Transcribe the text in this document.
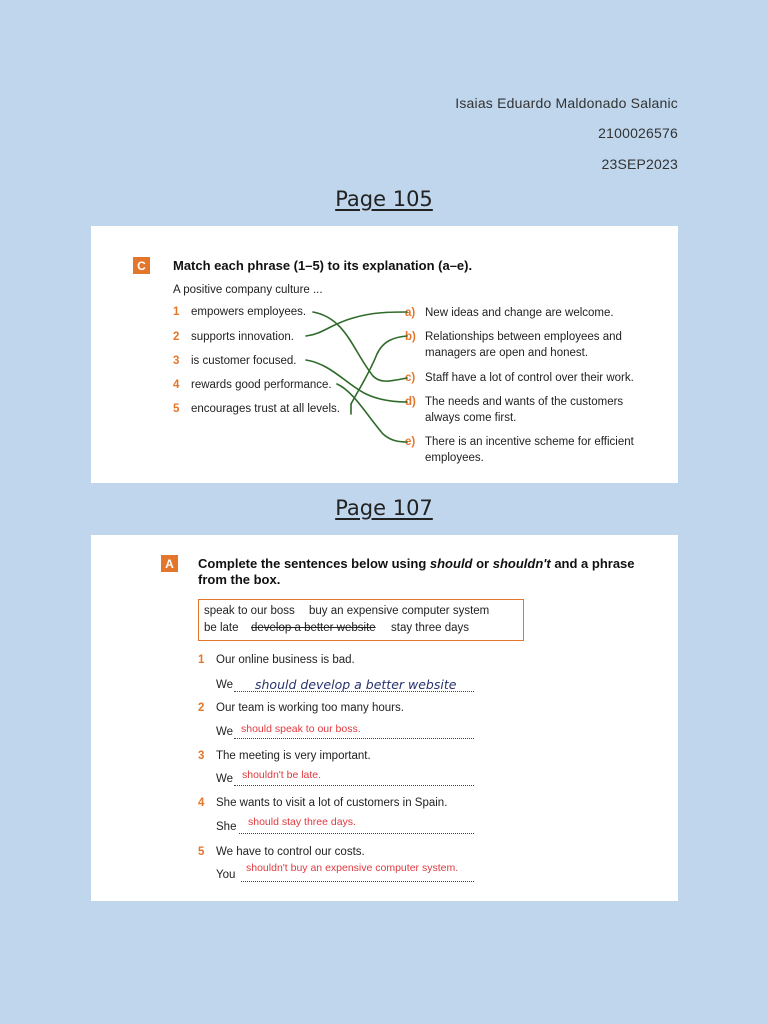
Isaias Eduardo Maldonado Salanic
2100026576
23SEP2023
Page 105
C	Match each phrase (1–5) to its explanation (a–e).
A positive company culture ...
1 empowers employees.
2 supports innovation.
3 is customer focused.
4 rewards good performance.
5 encourages trust at all levels.
a) New ideas and change are welcome.
b) Relationships between employees and
managers are open and honest.
c) Staff have a lot of control over their work.
d) The needs and wants of the customers
always come first.
e) There is an incentive scheme for efficient
employees.
Page 107
A	Complete the sentences below using should or shouldn't and a phrase
from the box.
speak to our boss buy an expensive computer system
be late develop a better website stay three days
1 Our online business is bad.
We should develop a better website
2 Our team is working too many hours.
We should speak to our boss.
3 The meeting is very important.
We shouldn't be late.
4 She wants to visit a lot of customers in Spain.
She should stay three days.
5 We have to control our costs.
You
shouldn't buy an expensive computer system.
